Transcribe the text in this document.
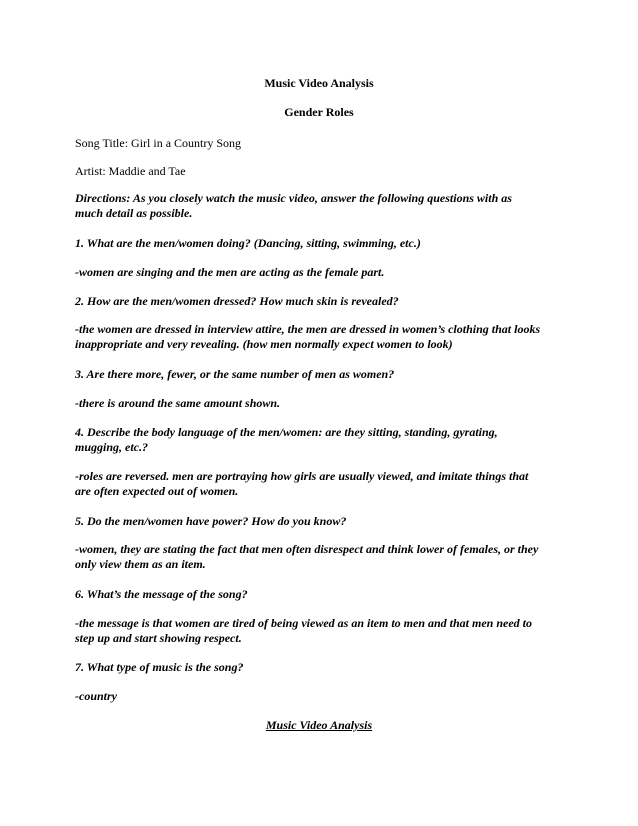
Music Video Analysis
Gender Roles
Song Title: Girl in a Country Song
Artist: Maddie and Tae
Directions: As you closely watch the music video, answer the following questions with as
much detail as possible.
1. What are the men/women doing? (Dancing, sitting, swimming, etc.)
-women are singing and the men are acting as the female part.
2. How are the men/women dressed? How much skin is revealed?
-the women are dressed in interview attire, the men are dressed in women’s clothing that looks
inappropriate and very revealing. (how men normally expect women to look)
3. Are there more, fewer, or the same number of men as women?
-there is around the same amount shown.
4. Describe the body language of the men/women: are they sitting, standing, gyrating,
mugging, etc.?
-roles are reversed. men are portraying how girls are usually viewed, and imitate things that
are often expected out of women.
5. Do the men/women have power? How do you know?
-women, they are stating the fact that men often disrespect and think lower of females, or they
only view them as an item.
6. What’s the message of the song?
-the message is that women are tired of being viewed as an item to men and that men need to
step up and start showing respect.
7. What type of music is the song?
-country
Music Video Analysis
